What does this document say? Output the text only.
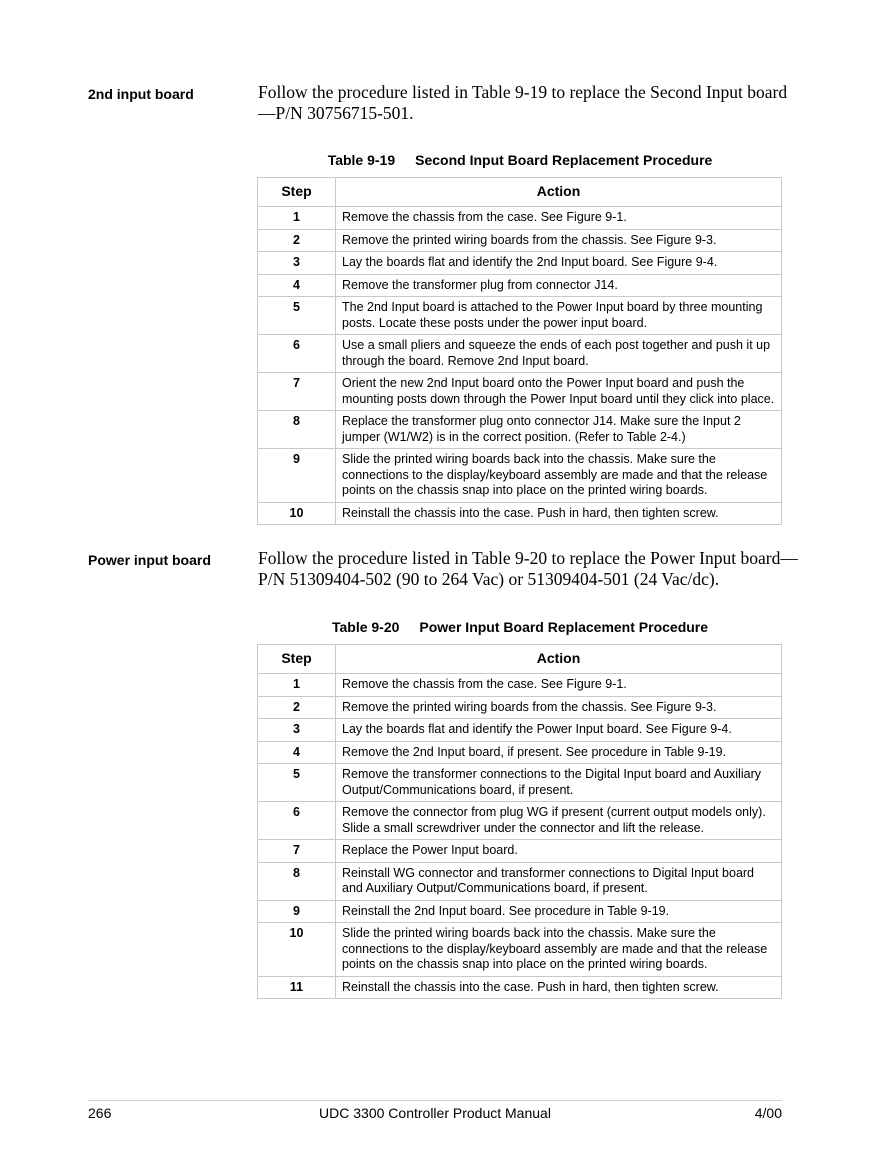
2nd input board	Follow the procedure listed in Table 9-19 to replace the Second Input board—P/N 30756715-501.
Table 9-19 Second Input Board Replacement Procedure
Step	Action
1	Remove the chassis from the case. See Figure 9-1.
2	Remove the printed wiring boards from the chassis. See Figure 9-3.
3	Lay the boards flat and identify the 2nd Input board. See Figure 9-4.
4	Remove the transformer plug from connector J14.
5	The 2nd Input board is attached to the Power Input board by three mounting posts. Locate these posts under the power input board.
6	Use a small pliers and squeeze the ends of each post together and push it up through the board. Remove 2nd Input board.
7	Orient the new 2nd Input board onto the Power Input board and push the mounting posts down through the Power Input board until they click into place.
8	Replace the transformer plug onto connector J14. Make sure the Input 2 jumper (W1/W2) is in the correct position. (Refer to Table 2-4.)
9	Slide the printed wiring boards back into the chassis. Make sure the connections to the display/keyboard assembly are made and that the release points on the chassis snap into place on the printed wiring boards.
10	Reinstall the chassis into the case. Push in hard, then tighten screw.
Power input board	Follow the procedure listed in Table 9-20 to replace the Power Input board—P/N 51309404-502 (90 to 264 Vac) or 51309404-501 (24 Vac/dc).
Table 9-20 Power Input Board Replacement Procedure
Step	Action
1	Remove the chassis from the case. See Figure 9-1.
2	Remove the printed wiring boards from the chassis. See Figure 9-3.
3	Lay the boards flat and identify the Power Input board. See Figure 9-4.
4	Remove the 2nd Input board, if present. See procedure in Table 9-19.
5	Remove the transformer connections to the Digital Input board and Auxiliary Output/Communications board, if present.
6	Remove the connector from plug WG if present (current output models only). Slide a small screwdriver under the connector and lift the release.
7	Replace the Power Input board.
8	Reinstall WG connector and transformer connections to Digital Input board and Auxiliary Output/Communications board, if present.
9	Reinstall the 2nd Input board. See procedure in Table 9-19.
10	Slide the printed wiring boards back into the chassis. Make sure the connections to the display/keyboard assembly are made and that the release points on the chassis snap into place on the printed wiring boards.
11	Reinstall the chassis into the case. Push in hard, then tighten screw.
266	UDC 3300 Controller Product Manual	4/00
